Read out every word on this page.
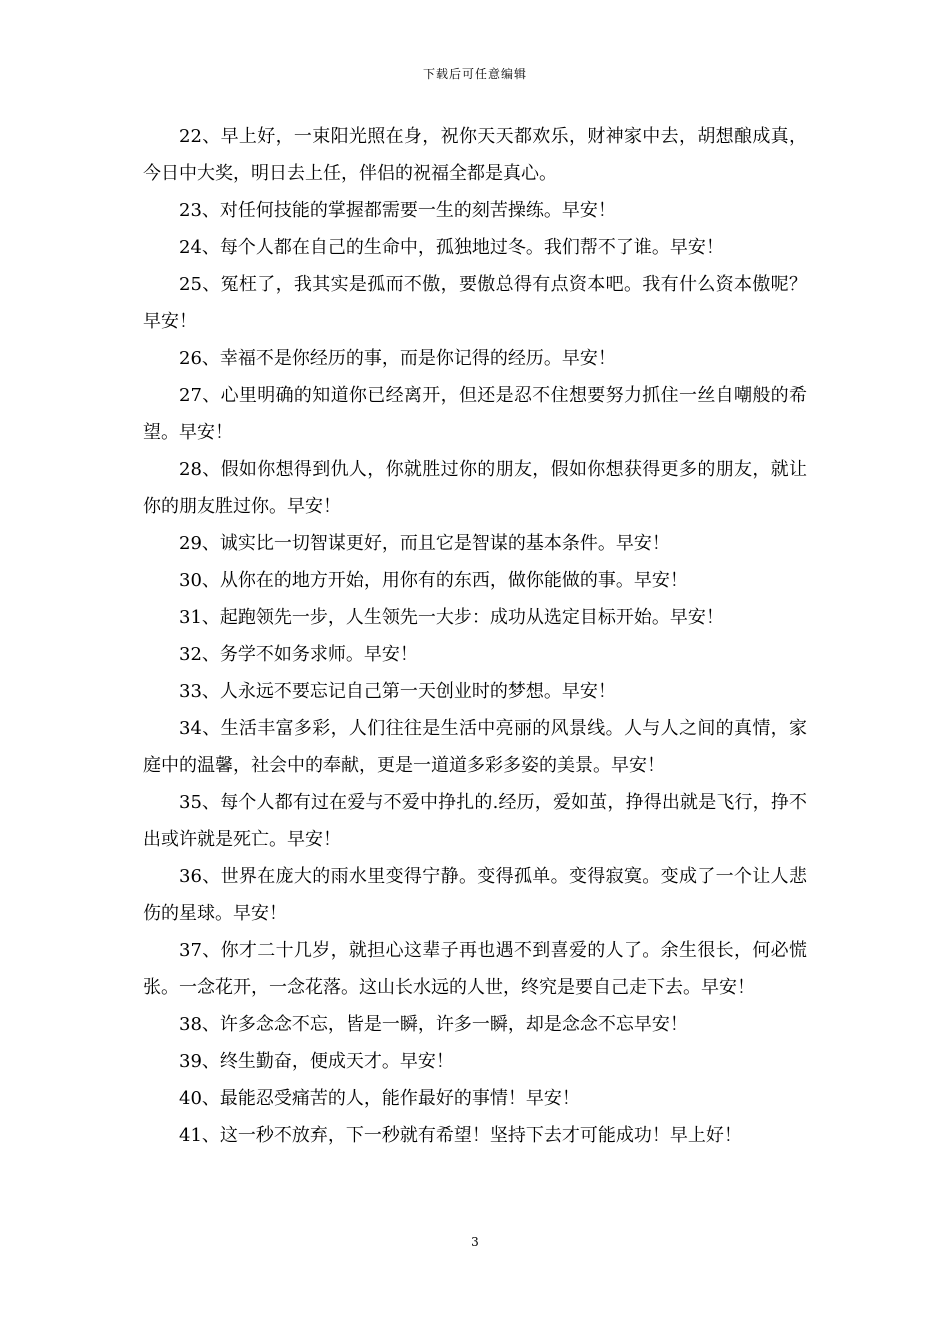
下载后可任意编辑

22、早上好，一束阳光照在身，祝你天天都欢乐，财神家中去，胡想酿成真，今日中大奖，明日去上任，伴侣的祝福全都是真心。

23、对任何技能的掌握都需要一生的刻苦操练。早安！

24、每个人都在自己的生命中，孤独地过冬。我们帮不了谁。早安！

25、冤枉了，我其实是孤而不傲，要傲总得有点资本吧。我有什么资本傲呢？早安！

26、幸福不是你经历的事，而是你记得的经历。早安！

27、心里明确的知道你已经离开，但还是忍不住想要努力抓住一丝自嘲般的希望。早安！

28、假如你想得到仇人，你就胜过你的朋友，假如你想获得更多的朋友，就让你的朋友胜过你。早安！

29、诚实比一切智谋更好，而且它是智谋的基本条件。早安！

30、从你在的地方开始，用你有的东西，做你能做的事。早安！

31、起跑领先一步，人生领先一大步：成功从选定目标开始。早安！

32、务学不如务求师。早安！

33、人永远不要忘记自己第一天创业时的梦想。早安！

34、生活丰富多彩，人们往往是生活中亮丽的风景线。人与人之间的真情，家庭中的温馨，社会中的奉献，更是一道道多彩多姿的美景。早安！

35、每个人都有过在爱与不爱中挣扎的.经历，爱如茧，挣得出就是飞行，挣不出或许就是死亡。早安！

36、世界在庞大的雨水里变得宁静。变得孤单。变得寂寞。变成了一个让人悲伤的星球。早安！

37、你才二十几岁，就担心这辈子再也遇不到喜爱的人了。余生很长，何必慌张。一念花开，一念花落。这山长水远的人世，终究是要自己走下去。早安！

38、许多念念不忘，皆是一瞬，许多一瞬，却是念念不忘早安！

39、终生勤奋，便成天才。早安！

40、最能忍受痛苦的人，能作最好的事情！早安！

41、这一秒不放弃，下一秒就有希望！坚持下去才可能成功！早上好！

3
